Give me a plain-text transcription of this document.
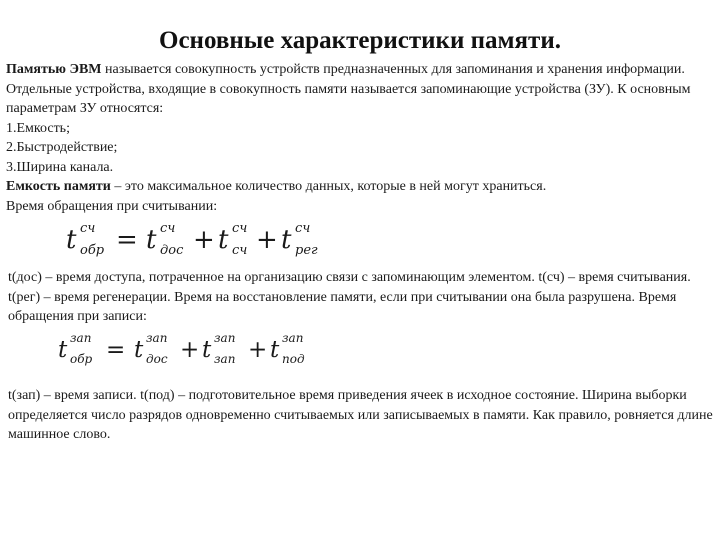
Основные характеристики памяти.

Памятью ЭВМ называется совокупность устройств предназначенных для запоминания и хранения информации. Отдельные устройства, входящие в совокупность памяти называется запоминающие устройства (ЗУ). К основным параметрам ЗУ относятся:

1.Емкость;

2.Быстродействие;

3.Ширина канала.

Емкость памяти – это максимальное количество данных, которые в ней могут храниться.

Время обращения при считывании:

t сч
обр = t сч
дос + t сч
сч + t сч
рег

t(дос) – время доступа, потраченное на организацию связи с запоминающим элементом. t(сч) – время считывания. t(рег) – время регенерации. Время на восстановление памяти, если при считывании она была разрушена. Время обращения при записи:

t зап
обр = t зап
дос + t зап
зап + t зап
под

t(зап) – время записи. t(под) – подготовительное время приведения ячеек в исходное состояние. Ширина выборки определяется число разрядов одновременно считываемых или записываемых в памяти. Как правило, ровняется длине машинное слово.
